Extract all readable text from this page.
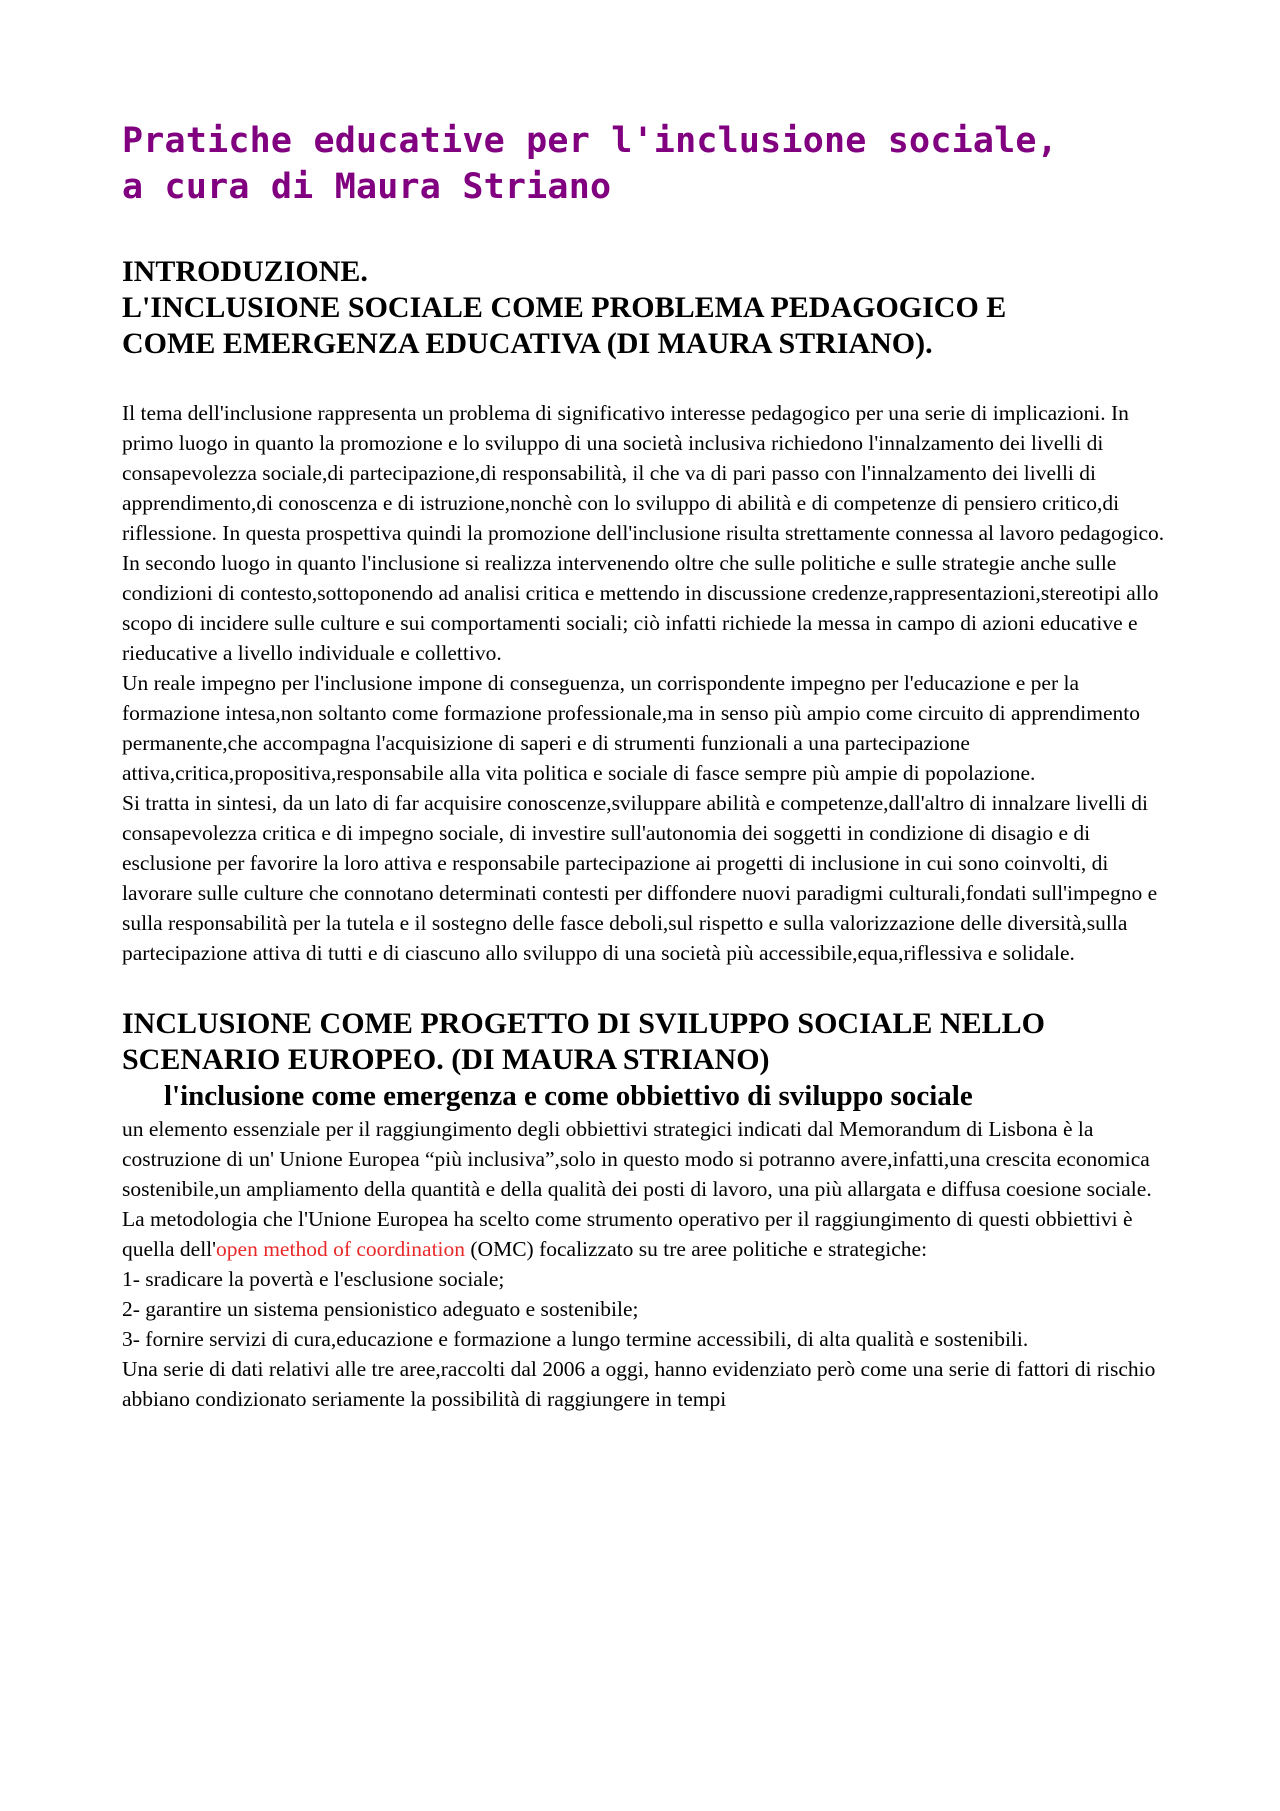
Pratiche educative per l'inclusione sociale,
a cura di Maura Striano
INTRODUZIONE.
L'INCLUSIONE SOCIALE COME PROBLEMA PEDAGOGICO E
COME EMERGENZA EDUCATIVA (DI MAURA STRIANO).

Il tema dell'inclusione rappresenta un problema di significativo interesse pedagogico per una serie di implicazioni. In primo luogo in quanto la promozione e lo sviluppo di una società inclusiva richiedono l'innalzamento dei livelli di consapevolezza sociale,di partecipazione,di responsabilità, il che va di pari passo con l'innalzamento dei livelli di apprendimento,di conoscenza e di istruzione,nonchè con lo sviluppo di abilità e di competenze di pensiero critico,di riflessione. In questa prospettiva quindi la promozione dell'inclusione risulta strettamente connessa al lavoro pedagogico.

In secondo luogo in quanto l'inclusione si realizza intervenendo oltre che sulle politiche e sulle strategie anche sulle condizioni di contesto,sottoponendo ad analisi critica e mettendo in discussione credenze,rappresentazioni,stereotipi allo scopo di incidere sulle culture e sui comportamenti sociali; ciò infatti richiede la messa in campo di azioni educative e rieducative a livello individuale e collettivo.

Un reale impegno per l'inclusione impone di conseguenza, un corrispondente impegno per l'educazione e per la formazione intesa,non soltanto come formazione professionale,ma in senso più ampio come circuito di apprendimento permanente,che accompagna l'acquisizione di saperi e di strumenti funzionali a una partecipazione attiva,critica,propositiva,responsabile alla vita politica e sociale di fasce sempre più ampie di popolazione.

Si tratta in sintesi, da un lato di far acquisire conoscenze,sviluppare abilità e competenze,dall'altro di innalzare livelli di consapevolezza critica e di impegno sociale, di investire sull'autonomia dei soggetti in condizione di disagio e di esclusione per favorire la loro attiva e responsabile partecipazione ai progetti di inclusione in cui sono coinvolti, di lavorare sulle culture che connotano determinati contesti per diffondere nuovi paradigmi culturali,fondati sull'impegno e sulla responsabilità per la tutela e il sostegno delle fasce deboli,sul rispetto e sulla valorizzazione delle diversità,sulla partecipazione attiva di tutti e di ciascuno allo sviluppo di una società più accessibile,equa,riflessiva e solidale.

INCLUSIONE COME PROGETTO DI SVILUPPO SOCIALE NELLO
SCENARIO EUROPEO. (DI MAURA STRIANO)
l'inclusione come emergenza e come obbiettivo di sviluppo sociale

un elemento essenziale per il raggiungimento degli obbiettivi strategici indicati dal Memorandum di Lisbona è la costruzione di un' Unione Europea “più inclusiva”,solo in questo modo si potranno avere,infatti,una crescita economica sostenibile,un ampliamento della quantità e della qualità dei posti di lavoro, una più allargata e diffusa coesione sociale.

La metodologia che l'Unione Europea ha scelto come strumento operativo per il raggiungimento di questi obbiettivi è quella dell'open method of coordination (OMC) focalizzato su tre aree politiche e strategiche:

1- sradicare la povertà e l'esclusione sociale;

2- garantire un sistema pensionistico adeguato e sostenibile;

3- fornire servizi di cura,educazione e formazione a lungo termine accessibili, di alta qualità e sostenibili.

Una serie di dati relativi alle tre aree,raccolti dal 2006 a oggi, hanno evidenziato però come una serie di fattori di rischio abbiano condizionato seriamente la possibilità di raggiungere in tempi
